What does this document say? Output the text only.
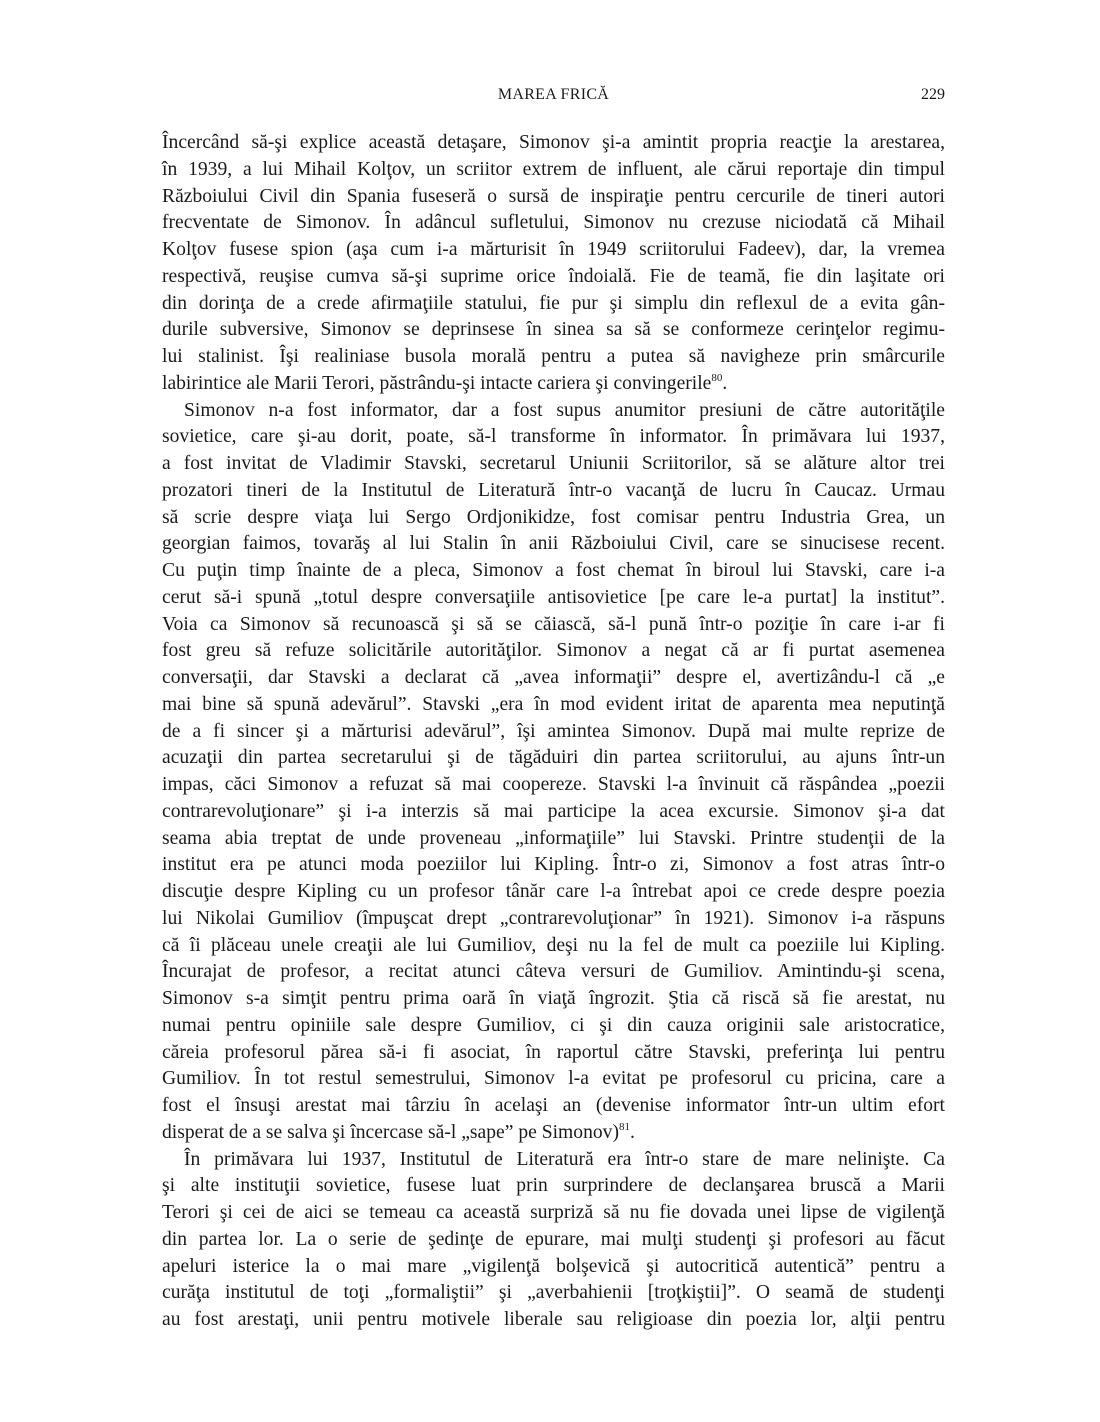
MAREA FRICĂ	229
Încercând să-şi explice această detaşare, Simonov şi-a amintit propria reacţie la arestarea,
în 1939, a lui Mihail Kolţov, un scriitor extrem de influent, ale cărui reportaje din timpul
Războiului Civil din Spania fuseseră o sursă de inspiraţie pentru cercurile de tineri autori
frecventate de Simonov. În adâncul sufletului, Simonov nu crezuse niciodată că Mihail
Kolţov fusese spion (aşa cum i-a mărturisit în 1949 scriitorului Fadeev), dar, la vremea
respectivă, reuşise cumva să-şi suprime orice îndoială. Fie de teamă, fie din laşitate ori
din dorinţa de a crede afirmaţiile statului, fie pur şi simplu din reflexul de a evita gân-
durile subversive, Simonov se deprinsese în sinea sa să se conformeze cerinţelor regimu-
lui stalinist. Îşi realiniase busola morală pentru a putea să navigheze prin smârcurile
labirintice ale Marii Terori, păstrându-şi intacte cariera şi convingerile$^{80}$.
Simonov n-a fost informator, dar a fost supus anumitor presiuni de către autorităţile
sovietice, care şi-au dorit, poate, să-l transforme în informator. În primăvara lui 1937,
a fost invitat de Vladimir Stavski, secretarul Uniunii Scriitorilor, să se alăture altor trei
prozatori tineri de la Institutul de Literatură într-o vacanţă de lucru în Caucaz. Urmau
să scrie despre viaţa lui Sergo Ordjonikidze, fost comisar pentru Industria Grea, un
georgian faimos, tovarăş al lui Stalin în anii Războiului Civil, care se sinucisese recent.
Cu puţin timp înainte de a pleca, Simonov a fost chemat în biroul lui Stavski, care i-a
cerut să-i spună „totul despre conversaţiile antisovietice [pe care le-a purtat] la institut”.
Voia ca Simonov să recunoască şi să se căiască, să-l pună într-o poziţie în care i-ar fi
fost greu să refuze solicitările autorităţilor. Simonov a negat că ar fi purtat asemenea
conversaţii, dar Stavski a declarat că „avea informaţii” despre el, avertizându-l că „e
mai bine să spună adevărul”. Stavski „era în mod evident iritat de aparenta mea neputinţă
de a fi sincer şi a mărturisi adevărul”, îşi amintea Simonov. După mai multe reprize de
acuzaţii din partea secretarului şi de tăgăduiri din partea scriitorului, au ajuns într-un
impas, căci Simonov a refuzat să mai coopereze. Stavski l-a învinuit că răspândea „poezii
contrarevoluţionare” şi i-a interzis să mai participe la acea excursie. Simonov şi-a dat
seama abia treptat de unde proveneau „informaţiile” lui Stavski. Printre studenţii de la
institut era pe atunci moda poeziilor lui Kipling. Într-o zi, Simonov a fost atras într-o
discuţie despre Kipling cu un profesor tânăr care l-a întrebat apoi ce crede despre poezia
lui Nikolai Gumiliov (împuşcat drept „contrarevoluţionar” în 1921). Simonov i-a răspuns
că îi plăceau unele creaţii ale lui Gumiliov, deşi nu la fel de mult ca poeziile lui Kipling.
Încurajat de profesor, a recitat atunci câteva versuri de Gumiliov. Amintindu-şi scena,
Simonov s-a simţit pentru prima oară în viaţă îngrozit. Ştia că riscă să fie arestat, nu
numai pentru opiniile sale despre Gumiliov, ci şi din cauza originii sale aristocratice,
căreia profesorul părea să-i fi asociat, în raportul către Stavski, preferinţa lui pentru
Gumiliov. În tot restul semestrului, Simonov l-a evitat pe profesorul cu pricina, care a
fost el însuşi arestat mai târziu în acelaşi an (devenise informator într-un ultim efort
disperat de a se salva şi încercase să-l „sape” pe Simonov)$^{81}$.
În primăvara lui 1937, Institutul de Literatură era într-o stare de mare nelinişte. Ca
şi alte instituţii sovietice, fusese luat prin surprindere de declanşarea bruscă a Marii
Terori şi cei de aici se temeau ca această surpriză să nu fie dovada unei lipse de vigilenţă
din partea lor. La o serie de şedinţe de epurare, mai mulţi studenţi şi profesori au făcut
apeluri isterice la o mai mare „vigilenţă bolşevică şi autocritică autentică” pentru a
curăţa institutul de toţi „formaliştii” şi „averbahienii [troţkiştii]”. O seamă de studenţi
au fost arestaţi, unii pentru motivele liberale sau religioase din poezia lor, alţii pentru
